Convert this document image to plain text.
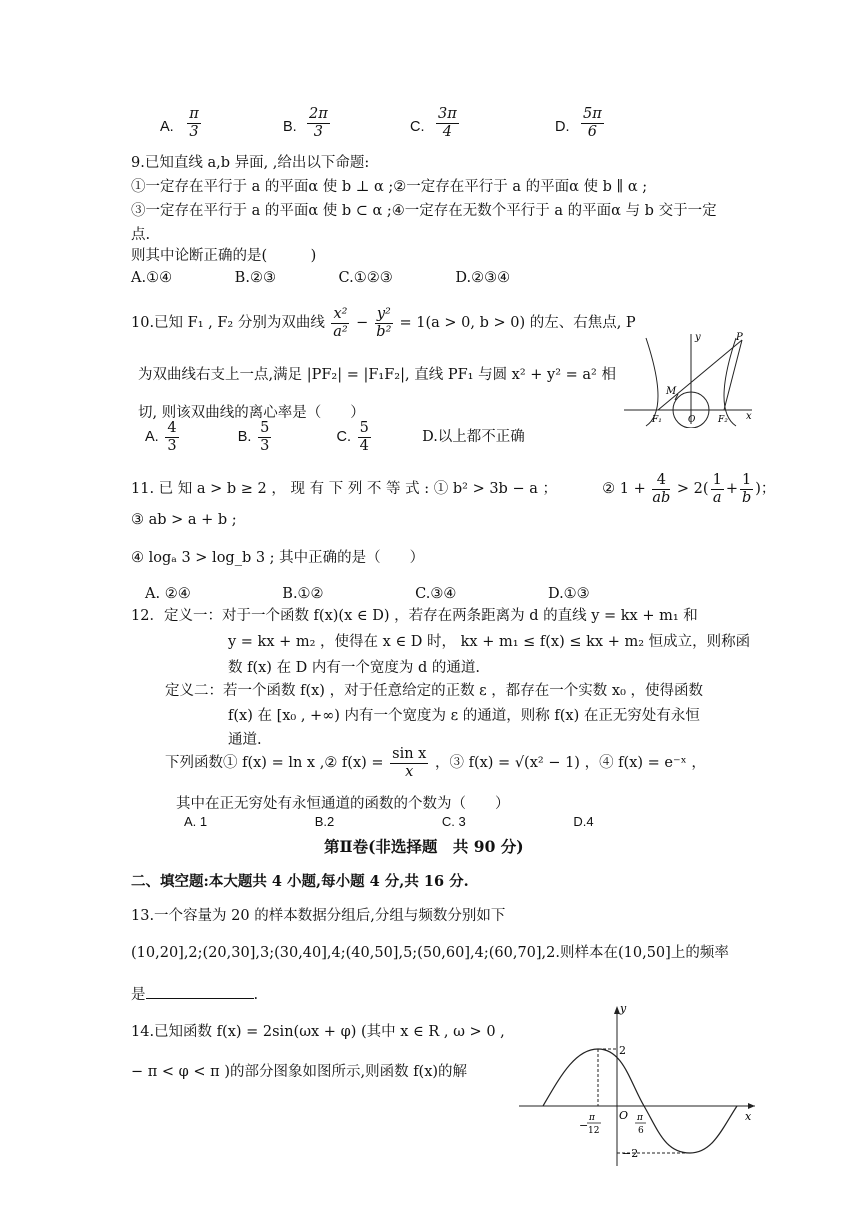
A. $\frac{\pi}{3}$	B. $\frac{2\pi}{3}$	C. $\frac{3\pi}{4}$	D. $\frac{5\pi}{6}$
9.已知直线 a,b 异面, ,给出以下命题:
①一定存在平行于 a 的平面α 使 b ⊥ α ;②一定存在平行于 a 的平面α 使 b ∥ α ;
③一定存在平行于 a 的平面α 使 b ⊂ α ;④一定存在无数个平行于 a 的平面α 与 b 交于一定
点.
则其中论断正确的是(　　　)
A.①④　　　　 B.②③　　　　 C.①②③　　　　 D.②③④
10.已知 F₁ , F₂ 分别为双曲线 $\frac{\text{x²}}{\text{a²}} - \frac{\text{y²}}{\text{b²}} = 1(a > 0$, b > 0) 的左、右焦点, P
为双曲线右支上一点,满足 |PF₂| = |F₁F₂|, 直线 PF₁ 与圆 x² + y² = a² 相
切, 则该双曲线的离心率是（　　）
A. $\frac{4}{3}$	B. $\frac{5}{3}$	C. $\frac{5}{4}$	D.以上都不正确
y
x
P
M
F₁	O	F₂
11. 已 知 a > b ≥ 2 ， 现 有 下 列 不 等 式 : ① b² > 3b − a ；	② $1 + \frac{4}{ab} > 2( \frac{1}{a} + \frac{1}{b}$ )；
③ ab > a + b ;
④ logₐ 3 > log_b 3 ; 其中正确的是（　　）
A. ②④　　　　　　 B.①②　　　　　　 C.③④　　　　　　 D.①③
12．定义一：对于一个函数 f(x)(x ∈ D) ，若存在两条距离为 d 的直线 y = kx + m₁ 和
y = kx + m₂ ，使得在 x ∈ D 时， kx + m₁ ≤ f(x) ≤ kx + m₂ 恒成立，则称函
数 f(x) 在 D 内有一个宽度为 d 的通道.
定义二：若一个函数 f(x) ，对于任意给定的正数 ε ，都存在一个实数 x₀ ，使得函数
f(x) 在 [x₀ , +∞) 内有一个宽度为 ε 的通道，则称 f(x) 在正无穷处有永恒
通道.
下列函数① f(x) = ln x ,② $f(x) = \frac{\text{sin x}}{x}$ ，③ f(x) = √(x² − 1) ，④ f(x) = e⁻ˣ ，
其中在正无穷处有永恒通道的函数的个数为（　　）
A. 1　　　　　　　　 B.2　　　　　　　　 C. 3　　　　　　　　 D.4
第Ⅱ卷(非选择题　共 90 分)
二、填空题:本大题共 4 小题,每小题 4 分,共 16 分.
13.一个容量为 20 的样本数据分组后,分组与频数分别如下
(10,20],2;(20,30],3;(30,40],4;(40,50],5;(50,60],4;(60,70],2.则样本在(10,50]上的频率
是	.
14.已知函数 f(x) = 2sin(ωx + φ) (其中 x ∈ R , ω > 0 ,
− π < φ < π )的部分图象如图所示,则函数 f(x)的解
y
x
2
−2
O
−
π
12
π
6
